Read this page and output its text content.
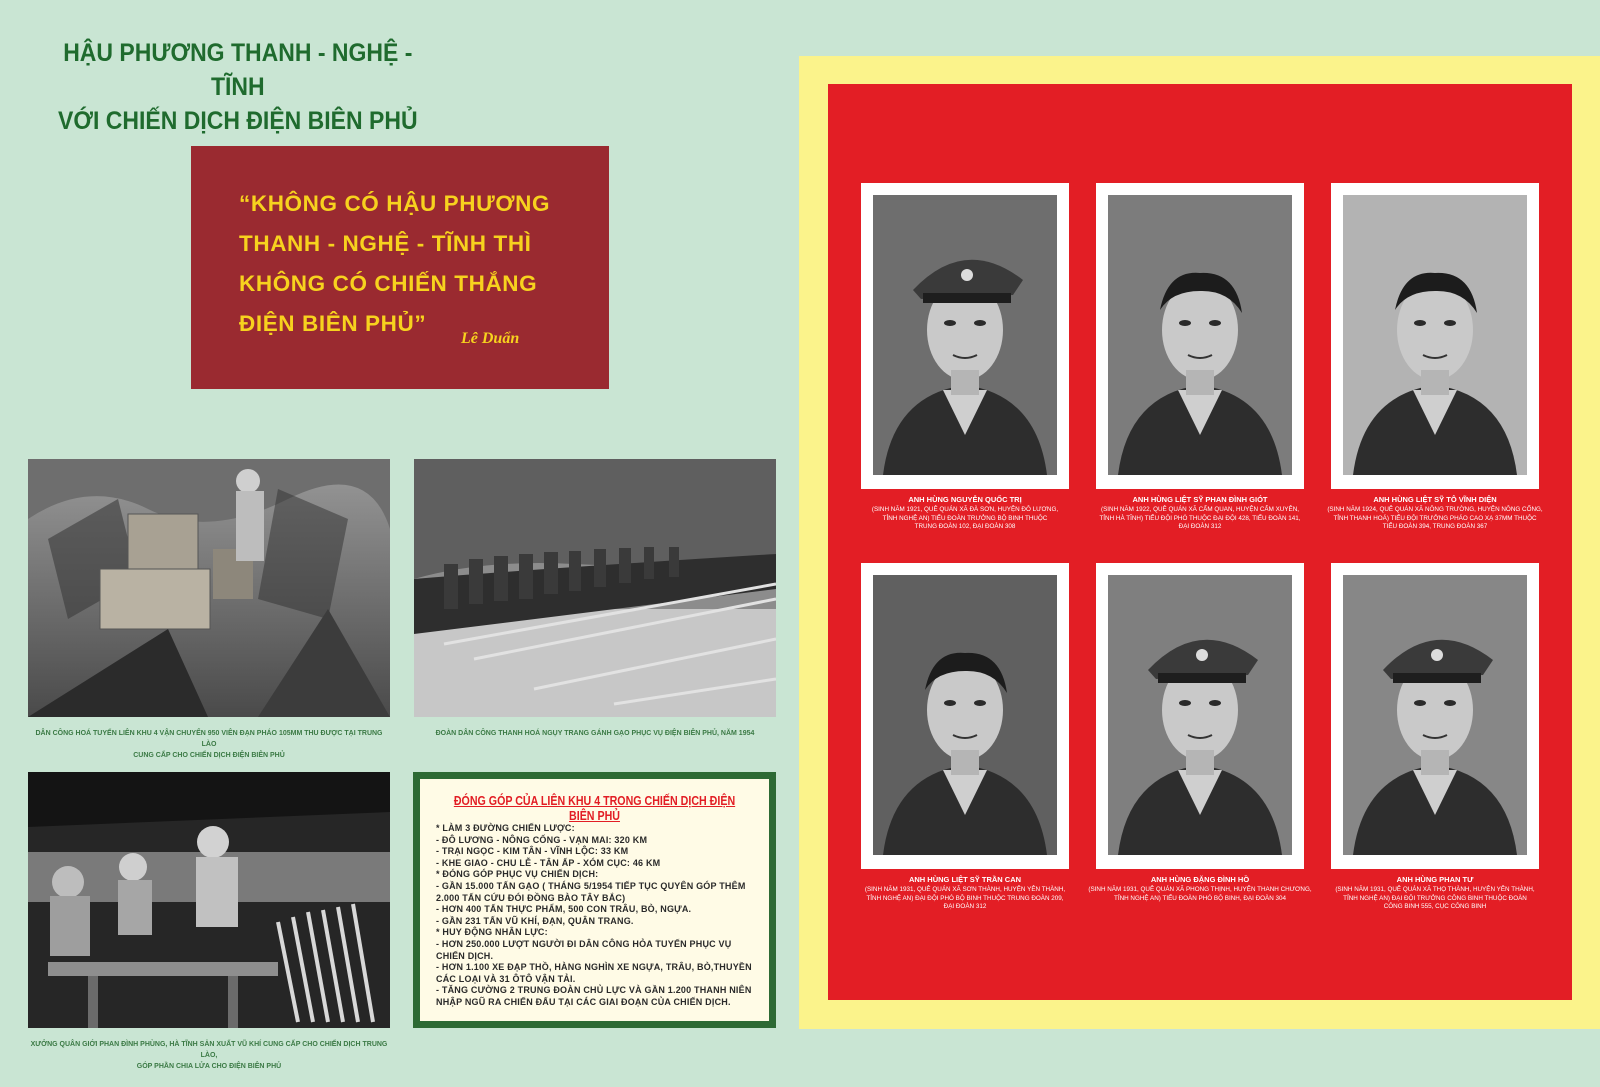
HẬU PHƯƠNG THANH - NGHỆ - TĨNH
VỚI CHIẾN DỊCH ĐIỆN BIÊN PHỦ
“KHÔNG CÓ HẬU PHƯƠNG
THANH - NGHỆ - TĨNH THÌ
KHÔNG CÓ CHIẾN THẮNG
ĐIỆN BIÊN PHỦ”
Lê Duẩn
DÂN CÔNG HOÁ TUYẾN LIÊN KHU 4 VẬN CHUYỂN 950 VIÊN ĐẠN PHÁO 105MM THU ĐƯỢC TẠI TRUNG LÀO
CUNG CẤP CHO CHIẾN DỊCH ĐIỆN BIÊN PHỦ
ĐOÀN DÂN CÔNG THANH HOÁ NGỤY TRANG GÁNH GẠO PHỤC VỤ ĐIỆN BIÊN PHỦ, NĂM 1954
XƯỞNG QUÂN GIỚI PHAN ĐÌNH PHÙNG, HÀ TĨNH SẢN XUẤT VŨ KHÍ CUNG CẤP CHO CHIẾN DỊCH TRUNG LÀO,
GÓP PHẦN CHIA LỬA CHO ĐIỆN BIÊN PHỦ
ĐÓNG GÓP CỦA LIÊN KHU 4 TRONG CHIẾN DỊCH ĐIỆN BIÊN PHỦ
* LÀM 3 ĐƯỜNG CHIẾN LƯỢC:
- ĐÔ LƯƠNG - NÔNG CỐNG - VẠN MAI: 320 KM
- TRẠI NGỌC - KIM TÂN - VĨNH LỘC: 33 KM
- KHE GIAO - CHU LỄ - TÂN ẤP - XÓM CỤC: 46 KM
* ĐÓNG GÓP PHỤC VỤ CHIẾN DỊCH:
- GẦN 15.000 TẤN GẠO ( THÁNG 5/1954 TIẾP TỤC QUYÊN GÓP THÊM
2.000 TẤN CỨU ĐÓI ĐỒNG BÀO TÂY BẮC)
- HƠN 400 TẤN THỰC PHẨM, 500 CON TRÂU, BÒ, NGỰA.
- GẦN 231 TẤN VŨ KHÍ, ĐẠN, QUÂN TRANG.
* HUY ĐỘNG NHÂN LỰC:
- HƠN 250.000 LƯỢT NGƯỜI ĐI DÂN CÔNG HỎA TUYẾN PHỤC VỤ
CHIẾN DỊCH.
- HƠN 1.100 XE ĐẠP THỒ, HÀNG NGHÌN XE NGỰA, TRÂU, BÒ,THUYỀN
CÁC LOẠI VÀ 31 ÔTÔ VẬN TẢI.
- TĂNG CƯỜNG 2 TRUNG ĐOÀN CHỦ LỰC VÀ GẦN 1.200 THANH NIÊN
NHẬP NGŨ RA CHIẾN ĐẤU TẠI CÁC GIAI ĐOẠN CỦA CHIẾN DỊCH.
ANH HÙNG NGUYỄN QUỐC TRỊ
(SINH NĂM 1921, QUÊ QUÁN XÃ ĐÀ SƠN, HUYỆN ĐÔ LƯƠNG,
TỈNH NGHỆ AN) TIỂU ĐOÀN TRƯỞNG BỘ BINH THUỘC
TRUNG ĐOÀN 102, ĐẠI ĐOÀN 308
ANH HÙNG LIỆT SỸ PHAN ĐÌNH GIÓT
(SINH NĂM 1922, QUÊ QUÁN XÃ CẨM QUAN, HUYỆN CẨM XUYÊN,
TỈNH HÀ TĨNH) TIỂU ĐỘI PHÓ THUỘC ĐẠI ĐỘI 428, TIỂU ĐOÀN 141,
ĐẠI ĐOÀN 312
ANH HÙNG LIỆT SỸ TÔ VĨNH DIỆN
(SINH NĂM 1924, QUÊ QUÁN XÃ NÔNG TRƯỜNG, HUYỆN NÔNG CỐNG,
TỈNH THANH HOÁ) TIỂU ĐỘI TRƯỞNG PHÁO CAO XẠ 37MM THUỘC
TIỂU ĐOÀN 394, TRUNG ĐOÀN 367
ANH HÙNG LIỆT SỸ TRẦN CAN
(SINH NĂM 1931, QUÊ QUÁN XÃ SƠN THÀNH, HUYỆN YÊN THÀNH,
TỈNH NGHỆ AN) ĐẠI ĐỘI PHÓ BỘ BINH THUỘC TRUNG ĐOÀN 209,
ĐẠI ĐOÀN 312
ANH HÙNG ĐẶNG ĐÌNH HỒ
(SINH NĂM 1931, QUÊ QUÁN XÃ PHONG THỊNH, HUYỆN THANH CHƯƠNG,
TỈNH NGHỆ AN) TIỂU ĐOÀN PHÓ BỘ BINH, ĐẠI ĐOÀN 304
ANH HÙNG PHAN TƯ
(SINH NĂM 1931, QUÊ QUÁN XÃ THỌ THÀNH, HUYỆN YÊN THÀNH,
TỈNH NGHỆ AN) ĐẠI ĐỘI TRƯỞNG CÔNG BINH THUỘC ĐOÀN
CÔNG BINH 555, CỤC CÔNG BINH
